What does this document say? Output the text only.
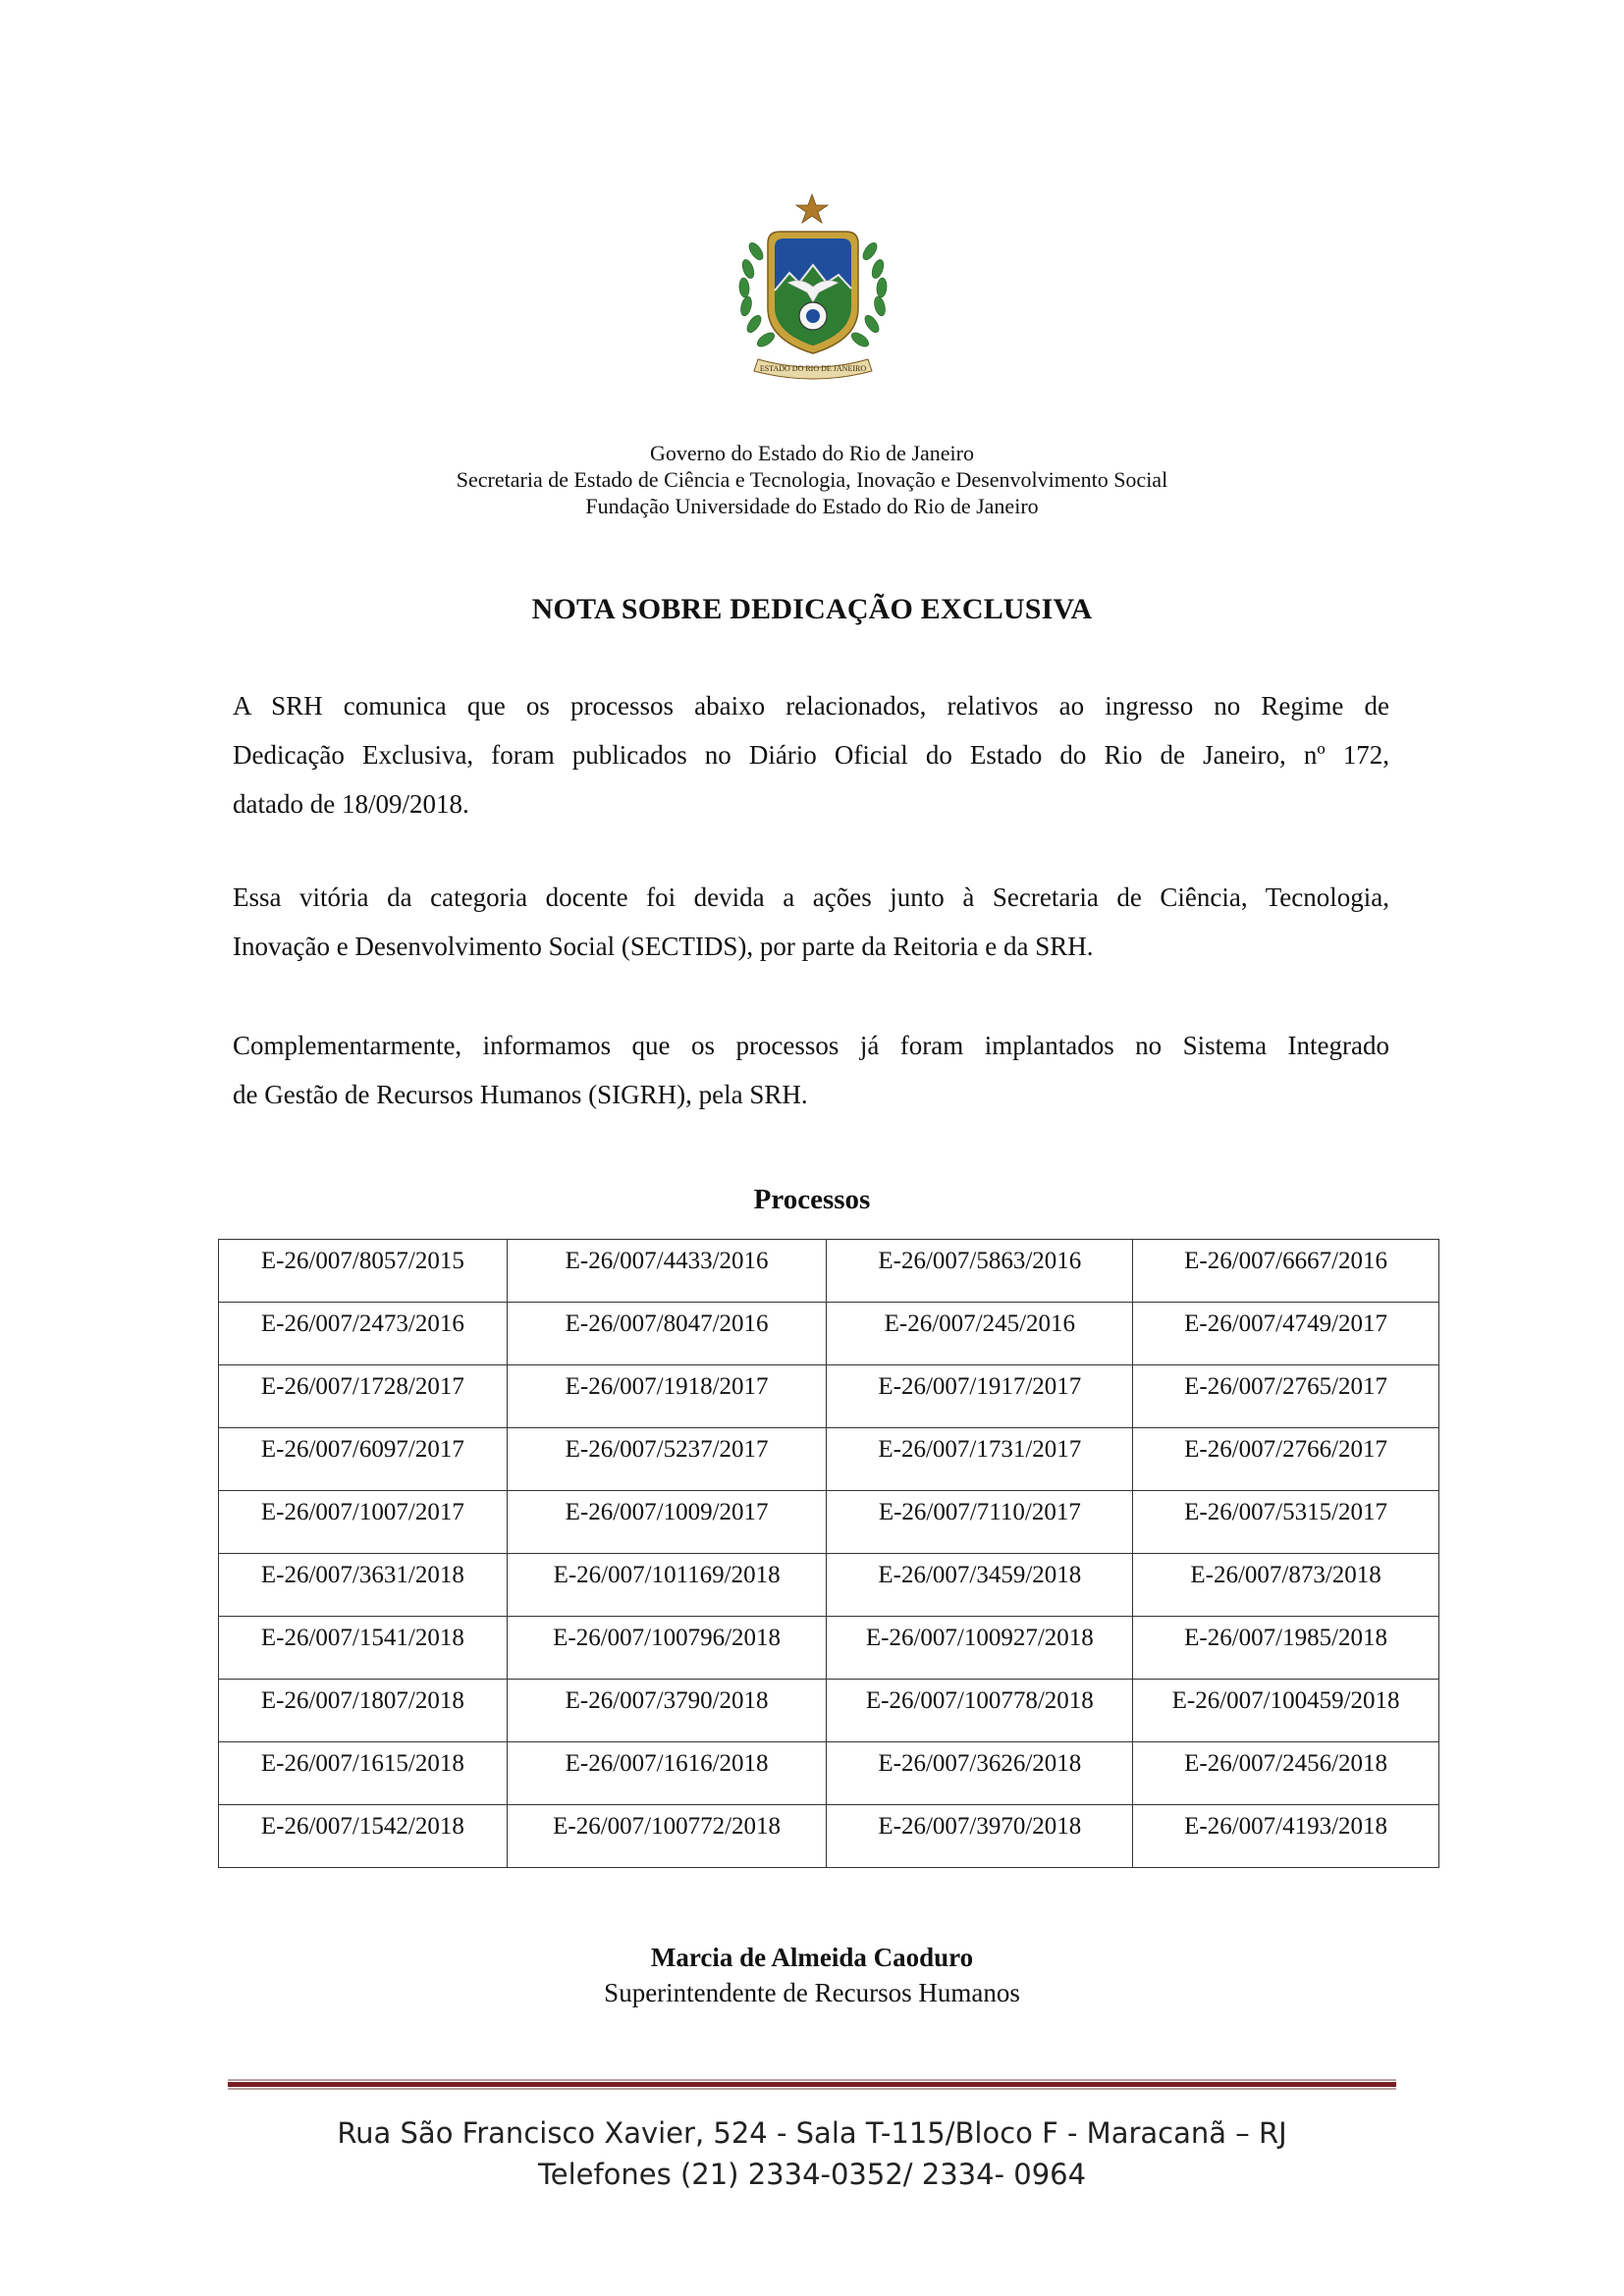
ESTADO DO RIO DE JANEIRO
Governo do Estado do Rio de Janeiro
Secretaria de Estado de Ciência e Tecnologia, Inovação e Desenvolvimento Social
Fundação Universidade do Estado do Rio de Janeiro
NOTA SOBRE DEDICAÇÃO EXCLUSIVA
A SRH comunica que os processos abaixo relacionados, relativos ao ingresso no Regime de
Dedicação Exclusiva, foram publicados no Diário Oficial do Estado do Rio de Janeiro, nº 172,
datado de 18/09/2018.
Essa vitória da categoria docente foi devida a ações junto à Secretaria de Ciência, Tecnologia,
Inovação e Desenvolvimento Social (SECTIDS), por parte da Reitoria e da SRH.
Complementarmente, informamos que os processos já foram implantados no Sistema Integrado
de Gestão de Recursos Humanos (SIGRH), pela SRH.
Processos
E-26/007/8057/2015	E-26/007/4433/2016	E-26/007/5863/2016	E-26/007/6667/2016
E-26/007/2473/2016	E-26/007/8047/2016	E-26/007/245/2016	E-26/007/4749/2017
E-26/007/1728/2017	E-26/007/1918/2017	E-26/007/1917/2017	E-26/007/2765/2017
E-26/007/6097/2017	E-26/007/5237/2017	E-26/007/1731/2017	E-26/007/2766/2017
E-26/007/1007/2017	E-26/007/1009/2017	E-26/007/7110/2017	E-26/007/5315/2017
E-26/007/3631/2018	E-26/007/101169/2018	E-26/007/3459/2018	E-26/007/873/2018
E-26/007/1541/2018	E-26/007/100796/2018	E-26/007/100927/2018	E-26/007/1985/2018
E-26/007/1807/2018	E-26/007/3790/2018	E-26/007/100778/2018	E-26/007/100459/2018
E-26/007/1615/2018	E-26/007/1616/2018	E-26/007/3626/2018	E-26/007/2456/2018
E-26/007/1542/2018	E-26/007/100772/2018	E-26/007/3970/2018	E-26/007/4193/2018
Marcia de Almeida Caoduro
Superintendente de Recursos Humanos
Rua São Francisco Xavier, 524 - Sala T-115/Bloco F - Maracanã – RJ
Telefones (21) 2334-0352/ 2334- 0964
